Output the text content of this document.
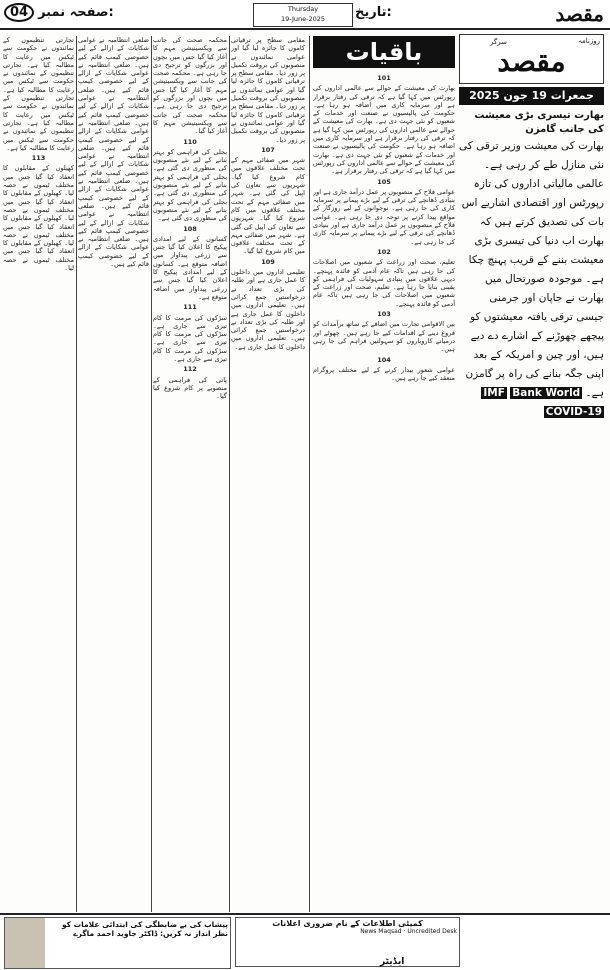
مقصد
تاریخ:
Thursday
19-June-2025
04 صفحہ نمبر:
روزنامہ
سرگر
مقصد
جمعرات 19 جون 2025
بھارت تیسری بڑی معیشت کی جانب گامزن
بھارت کی معیشت وزیر ترقی کی نئی منازل طے کر رہی ہے۔ عالمی مالیاتی اداروں کی تازہ رپورٹس اور اقتصادی اشاریے اس بات کی تصدیق کرتے ہیں کہ بھارت اب دنیا کی تیسری بڑی معیشت بننے کے قریب پہنچ چکا ہے۔ موجودہ صورتحال میں بھارت نے جاپان اور جرمنی جیسی ترقی یافتہ معیشتوں کو پیچھے چھوڑنے کے اشارے دے دیے ہیں، اور چین و امریکہ کے بعد اپنی جگہ بنانے کی راہ پر گامزن ہے۔ IMF Bank World COVID-19
باقیات
101
بھارت کی معیشت کے حوالے سے عالمی اداروں کی رپورٹس میں کہا گیا ہے کہ ترقی کی رفتار برقرار ہے اور سرمایہ کاری میں اضافہ ہو رہا ہے۔ حکومت کی پالیسیوں نے صنعت اور خدمات کے شعبوں کو نئی جہت دی ہے۔ بھارت کی معیشت کے حوالے سے عالمی اداروں کی رپورٹس میں کہا گیا ہے کہ ترقی کی رفتار برقرار ہے اور سرمایہ کاری میں اضافہ ہو رہا ہے۔ حکومت کی پالیسیوں نے صنعت اور خدمات کے شعبوں کو نئی جہت دی ہے۔ بھارت کی معیشت کے حوالے سے عالمی اداروں کی رپورٹس میں کہا گیا ہے کہ ترقی کی رفتار برقرار ہے۔
105
عوامی فلاح کے منصوبوں پر عمل درآمد جاری ہے اور بنیادی ڈھانچے کی ترقی کے لیے بڑے پیمانے پر سرمایہ کاری کی جا رہی ہے۔ نوجوانوں کے لیے روزگار کے مواقع پیدا کرنے پر توجہ دی جا رہی ہے۔ عوامی فلاح کے منصوبوں پر عمل درآمد جاری ہے اور بنیادی ڈھانچے کی ترقی کے لیے بڑے پیمانے پر سرمایہ کاری کی جا رہی ہے۔
102
تعلیم، صحت اور زراعت کے شعبوں میں اصلاحات کی جا رہی ہیں تاکہ عام آدمی کو فائدہ پہنچے۔ دیہی علاقوں میں بنیادی سہولیات کی فراہمی کو یقینی بنایا جا رہا ہے۔ تعلیم، صحت اور زراعت کے شعبوں میں اصلاحات کی جا رہی ہیں تاکہ عام آدمی کو فائدہ پہنچے۔
103
بین الاقوامی تجارت میں اضافے کے ساتھ برآمدات کو فروغ دینے کے اقدامات کیے جا رہے ہیں۔ چھوٹے اور درمیانے کاروباروں کو سہولتیں فراہم کی جا رہی ہیں۔
104
عوامی شعور بیدار کرنے کے لیے مختلف پروگرام منعقد کیے جا رہے ہیں۔
مقامی سطح پر ترقیاتی کاموں کا جائزہ لیا گیا اور عوامی نمائندوں نے منصوبوں کی بروقت تکمیل پر زور دیا۔ مقامی سطح پر ترقیاتی کاموں کا جائزہ لیا گیا اور عوامی نمائندوں نے منصوبوں کی بروقت تکمیل پر زور دیا۔ مقامی سطح پر ترقیاتی کاموں کا جائزہ لیا گیا اور عوامی نمائندوں نے منصوبوں کی بروقت تکمیل پر زور دیا۔
107
شہر میں صفائی مہم کے تحت مختلف علاقوں میں کام شروع کیا گیا۔ شہریوں سے تعاون کی اپیل کی گئی ہے۔ شہر میں صفائی مہم کے تحت مختلف علاقوں میں کام شروع کیا گیا۔ شہریوں سے تعاون کی اپیل کی گئی ہے۔ شہر میں صفائی مہم کے تحت مختلف علاقوں میں کام شروع کیا گیا۔
109
تعلیمی اداروں میں داخلوں کا عمل جاری ہے اور طلبہ کی بڑی تعداد نے درخواستیں جمع کرائی ہیں۔ تعلیمی اداروں میں داخلوں کا عمل جاری ہے اور طلبہ کی بڑی تعداد نے درخواستیں جمع کرائی ہیں۔ تعلیمی اداروں میں داخلوں کا عمل جاری ہے۔
محکمہ صحت کی جانب سے ویکسینیشن مہم کا آغاز کیا گیا جس میں بچوں اور بزرگوں کو ترجیح دی جا رہی ہے۔ محکمہ صحت کی جانب سے ویکسینیشن مہم کا آغاز کیا گیا جس میں بچوں اور بزرگوں کو ترجیح دی جا رہی ہے۔ محکمہ صحت کی جانب سے ویکسینیشن مہم کا آغاز کیا گیا۔
110
بجلی کی فراہمی کو بہتر بنانے کے لیے نئے منصوبوں کی منظوری دی گئی ہے۔ بجلی کی فراہمی کو بہتر بنانے کے لیے نئے منصوبوں کی منظوری دی گئی ہے۔ بجلی کی فراہمی کو بہتر بنانے کے لیے نئے منصوبوں کی منظوری دی گئی ہے۔
108
کسانوں کے لیے امدادی پیکیج کا اعلان کیا گیا جس سے زرعی پیداوار میں اضافہ متوقع ہے۔ کسانوں کے لیے امدادی پیکیج کا اعلان کیا گیا جس سے زرعی پیداوار میں اضافہ متوقع ہے۔
111
سڑکوں کی مرمت کا کام تیزی سے جاری ہے۔ سڑکوں کی مرمت کا کام تیزی سے جاری ہے۔ سڑکوں کی مرمت کا کام تیزی سے جاری ہے۔
112
پانی کی فراہمی کے منصوبے پر کام شروع کیا گیا۔
ضلعی انتظامیہ نے عوامی شکایات کے ازالے کے لیے خصوصی کیمپ قائم کیے ہیں۔ ضلعی انتظامیہ نے عوامی شکایات کے ازالے کے لیے خصوصی کیمپ قائم کیے ہیں۔ ضلعی انتظامیہ نے عوامی شکایات کے ازالے کے لیے خصوصی کیمپ قائم کیے ہیں۔ ضلعی انتظامیہ نے عوامی شکایات کے ازالے کے لیے خصوصی کیمپ قائم کیے ہیں۔ ضلعی انتظامیہ نے عوامی شکایات کے ازالے کے لیے خصوصی کیمپ قائم کیے ہیں۔ ضلعی انتظامیہ نے عوامی شکایات کے ازالے کے لیے خصوصی کیمپ قائم کیے ہیں۔ ضلعی انتظامیہ نے عوامی شکایات کے ازالے کے لیے خصوصی کیمپ قائم کیے ہیں۔ ضلعی انتظامیہ نے عوامی شکایات کے ازالے کے لیے خصوصی کیمپ قائم کیے ہیں۔
تجارتی تنظیموں کے نمائندوں نے حکومت سے ٹیکس میں رعایت کا مطالبہ کیا ہے۔ تجارتی تنظیموں کے نمائندوں نے حکومت سے ٹیکس میں رعایت کا مطالبہ کیا ہے۔ تجارتی تنظیموں کے نمائندوں نے حکومت سے ٹیکس میں رعایت کا مطالبہ کیا ہے۔ تجارتی تنظیموں کے نمائندوں نے حکومت سے ٹیکس میں رعایت کا مطالبہ کیا ہے۔
113
کھیلوں کے مقابلوں کا انعقاد کیا گیا جس میں مختلف ٹیموں نے حصہ لیا۔ کھیلوں کے مقابلوں کا انعقاد کیا گیا جس میں مختلف ٹیموں نے حصہ لیا۔ کھیلوں کے مقابلوں کا انعقاد کیا گیا جس میں مختلف ٹیموں نے حصہ لیا۔ کھیلوں کے مقابلوں کا انعقاد کیا گیا جس میں مختلف ٹیموں نے حصہ لیا۔
پیشاب کی بے ضابطگی کی ابتدائی علامات کو نظر انداز نہ کریں: ڈاکٹر جاوید احمد ماگرے
کمیٹی اطلاعات کے نام ضروری اعلانات
News Maqsad · Uncredited Desk
ایڈیٹر
